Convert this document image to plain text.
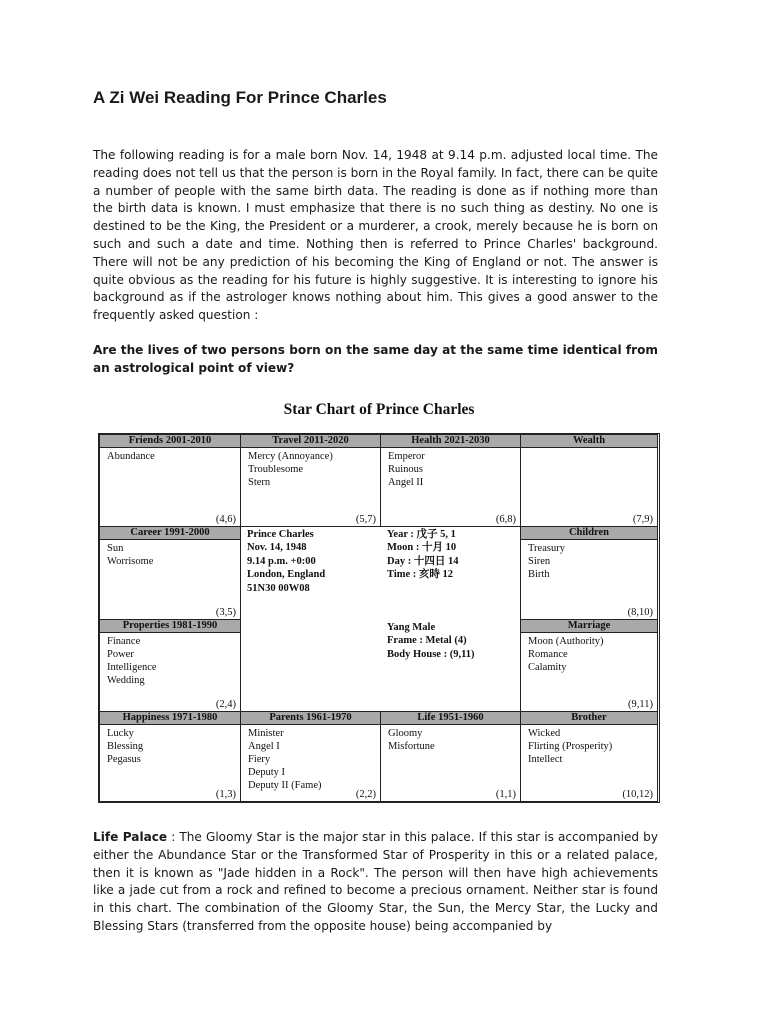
A Zi Wei Reading For Prince Charles

The following reading is for a male born Nov. 14, 1948 at 9.14 p.m. adjusted local time. The reading does not tell us that the person is born in the Royal family. In fact, there can be quite a number of people with the same birth data. The reading is done as if nothing more than the birth data is known. I must emphasize that there is no such thing as destiny. No one is destined to be the King, the President or a murderer, a crook, merely because he is born on such and such a date and time. Nothing then is referred to Prince Charles' background. There will not be any prediction of his becoming the King of England or not. The answer is quite obvious as the reading for his future is highly suggestive. It is interesting to ignore his background as if the astrologer knows nothing about him. This gives a good answer to the frequently asked question :

Are the lives of two persons born on the same day at the same time identical from an astrological point of view?

Star Chart of Prince Charles
Friends 2001-2010
Abundance
(4,6)
Travel 2011-2020
Mercy (Annoyance)
Troublesome
Stern
(5,7)
Health 2021-2030
Emperor
Ruinous
Angel II
(6,8)
Wealth
(7,9)
Career 1991-2000
Sun
Worrisome
(3,5)
Children
Treasury
Siren
Birth
(8,10)
Properties 1981-1990
Finance
Power
Intelligence
Wedding
(2,4)
Marriage
Moon (Authority)
Romance
Calamity
(9,11)
Prince Charles
Nov. 14, 1948
9.14 p.m. +0:00
London, England
51N30 00W08
Year : 戊子 5, 1
Moon : 十月 10
Day : 十四日 14
Time : 亥時 12
Yang Male
Frame : Metal (4)
Body House : (9,11)
Happiness 1971-1980
Lucky
Blessing
Pegasus
(1,3)
Parents 1961-1970
Minister
Angel I
Fiery
Deputy I
Deputy II (Fame)
(2,2)
Life 1951-1960
Gloomy
Misfortune
(1,1)
Brother
Wicked
Flirting (Prosperity)
Intellect
(10,12)

Life Palace : The Gloomy Star is the major star in this palace. If this star is accompanied by either the Abundance Star or the Transformed Star of Prosperity in this or a related palace, then it is known as "Jade hidden in a Rock". The person will then have high achievements like a jade cut from a rock and refined to become a precious ornament. Neither star is found in this chart. The combination of the Gloomy Star, the Sun, the Mercy Star, the Lucky and Blessing Stars (transferred from the opposite house) being accompanied by
